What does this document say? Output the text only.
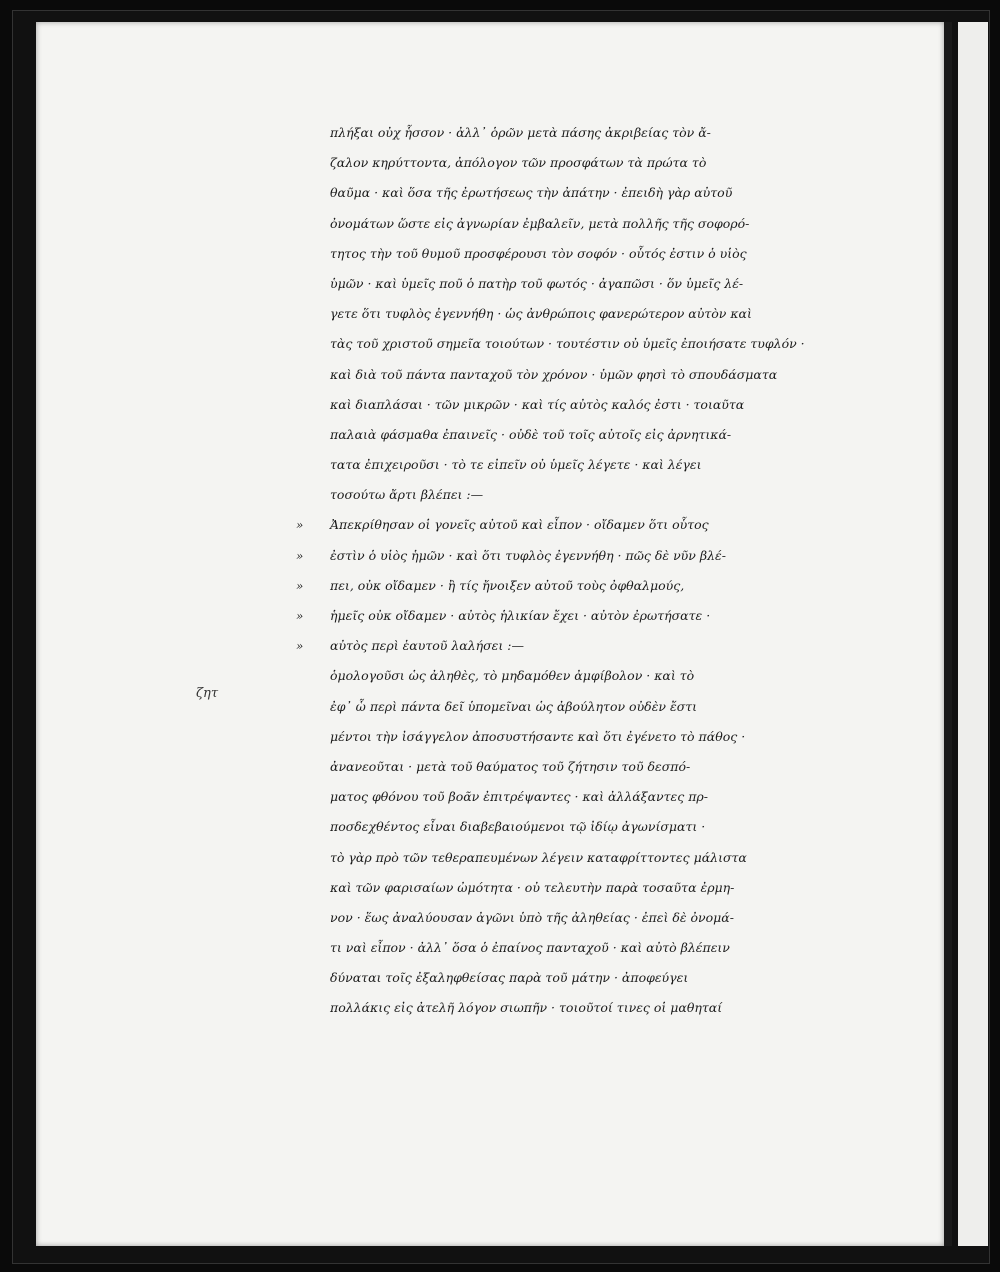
ζητ
πλήξαι οὐχ ἧσσον · ἀλλ᾽ ὁρῶν μετὰ πάσης ἀκριβείας τὸν ἄ-
ζαλον κηρύττοντα, ἀπόλογον τῶν προσφάτων τὰ πρώτα τὸ
θαῦμα · καὶ ὅσα τῆς ἐρωτήσεως τὴν ἀπάτην · ἐπειδὴ γὰρ αὐτοῦ
ὀνομάτων ὥστε εἰς ἀγνωρίαν ἐμβαλεῖν, μετὰ πολλῆς τῆς σοφορό-
τητος τὴν τοῦ θυμοῦ προσφέρουσι τὸν σοφόν · οὗτός ἐστιν ὁ υἱὸς
ὑμῶν · καὶ ὑμεῖς ποῦ ὁ πατὴρ τοῦ φωτός · ἀγαπῶσι · ὅν ὑμεῖς λέ-
γετε ὅτι τυφλὸς ἐγεννήθη · ὡς ἀνθρώποις φανερώτερον αὐτὸν καὶ
τὰς τοῦ χριστοῦ σημεῖα τοιούτων · τουτέστιν οὐ ὑμεῖς ἐποιήσατε τυφλόν ·
καὶ διὰ τοῦ πάντα πανταχοῦ τὸν χρόνον · ὑμῶν φησὶ τὸ σπουδάσματα
καὶ διαπλάσαι · τῶν μικρῶν · καὶ τίς αὐτὸς καλός ἐστι · τοιαῦτα
παλαιὰ φάσμαθα ἐπαινεῖς · οὐδὲ τοῦ τοῖς αὐτοῖς εἰς ἀρνητικά-
τατα ἐπιχειροῦσι · τὸ τε εἰπεῖν οὐ ὑμεῖς λέγετε · καὶ λέγει
τοσούτω ἄρτι βλέπει :—
»	Ἀπεκρίθησαν οἱ γονεῖς αὐτοῦ καὶ εἶπον · οἴδαμεν ὅτι οὗτος
»	ἐστὶν ὁ υἱὸς ἡμῶν · καὶ ὅτι τυφλὸς ἐγεννήθη · πῶς δὲ νῦν βλέ-
»	πει, οὐκ οἴδαμεν · ἢ τίς ἤνοιξεν αὐτοῦ τοὺς ὀφθαλμούς,
»	ἡμεῖς οὐκ οἴδαμεν · αὐτὸς ἡλικίαν ἔχει · αὐτὸν ἐρωτήσατε ·
»	αὐτὸς περὶ ἑαυτοῦ λαλήσει :—
ὁμολογοῦσι ὡς ἀληθὲς, τὸ μηδαμόθεν ἀμφίβολον · καὶ τὸ
ἐφ᾽ ὧ περὶ πάντα δεῖ ὑπομεῖναι ὡς ἀβούλητον οὐδὲν ἔστι
μέντοι τὴν ἰσάγγελον ἀποσυστήσαντε καὶ ὅτι ἐγένετο τὸ πάθος ·
ἀνανεοῦται · μετὰ τοῦ θαύματος τοῦ ζήτησιν τοῦ δεσπό-
ματος φθόνου τοῦ βοᾶν ἐπιτρέψαντες · καὶ ἀλλάξαντες πρ-
ποσδεχθέντος εἶναι διαβεβαιούμενοι τῷ ἰδίῳ ἀγωνίσματι ·
τὸ γὰρ πρὸ τῶν τεθεραπευμένων λέγειν καταφρίττοντες μάλιστα
καὶ τῶν φαρισαίων ὠμότητα · οὐ τελευτὴν παρὰ τοσαῦτα ἐρμη-
νον · ἕως ἀναλύουσαν ἀγῶνι ὑπὸ τῆς ἀληθείας · ἐπεὶ δὲ ὀνομά-
τι ναὶ εἶπον · ἀλλ᾽ ὅσα ὁ ἐπαίνος πανταχοῦ · καὶ αὐτὸ βλέπειν
δύναται τοῖς ἐξαληφθείσας παρὰ τοῦ μάτην · ἀποφεύγει
πολλάκις εἰς ἀτελῆ λόγον σιωπῆν · τοιοῦτοί τινες οἱ μαθηταί
